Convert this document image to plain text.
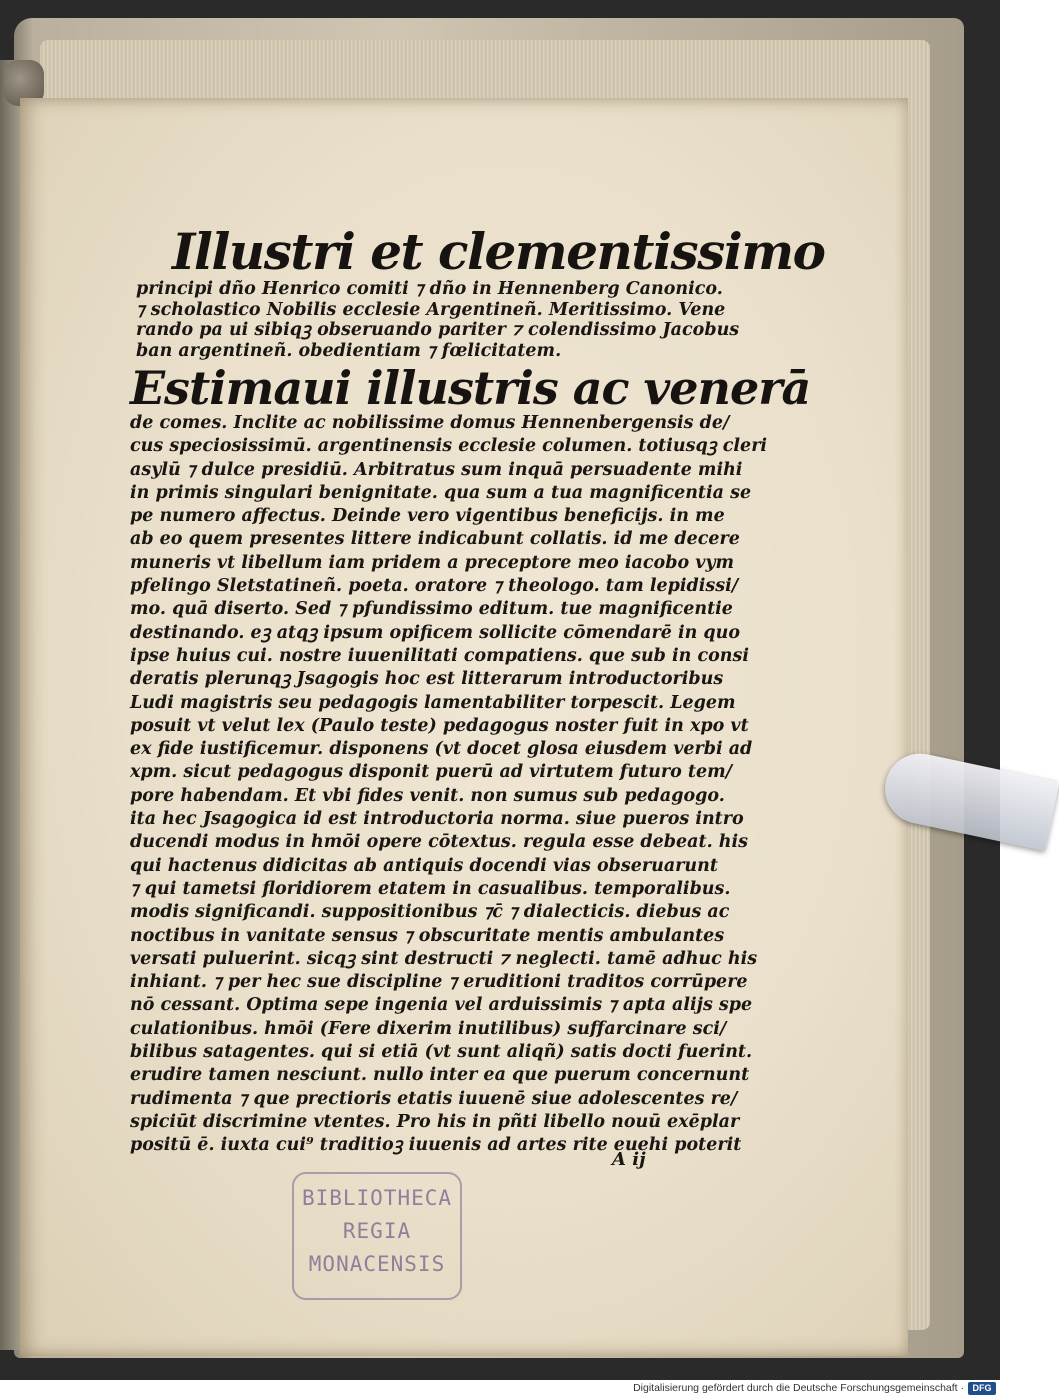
Illustri et clementissimo
principi dño Henrico comiti ⁊ dño in Hennenberg Canonico.
⁊ scholastico Nobilis ecclesie Argentineñ. Meritissimo. Vene
rando pa ui sibiqꝫ obseruando pariter ⁊ colendissimo Jacobus
ban argentineñ. obedientiam ⁊ fœlicitatem.
Estimaui illustris ac venerā
de comes. Inclite ac nobilissime domus Hennenbergensis de/
cus speciosissimū. argentinensis ecclesie columen. totiusqꝫ cleri
asylū ⁊ dulce presidiū. Arbitratus sum inquā persuadente mihi
in primis singulari benignitate. qua sum a tua magnificentia se
pe numero affectus. Deinde vero vigentibus beneficijs. in me
ab eo quem presentes littere indicabunt collatis. id me decere
muneris vt libellum iam pridem a preceptore meo iacobo vym
pfelingo Sletstatineñ. poeta. oratore ⁊ theologo. tam lepidissi/
mo. quā diserto. Sed ⁊ pfundissimo editum. tue magnificentie
destinando. eꝫ atqꝫ ipsum opificem sollicite cōmendarē in quo
ipse huius cui. nostre iuuenilitati compatiens. que sub in consi
deratis plerunqꝫ Jsagogis hoc est litterarum introductoribus
Ludi magistris seu pedagogis lamentabiliter torpescit. Legem
posuit vt velut lex (Paulo teste) pedagogus noster fuit in xpo vt
ex fide iustificemur. disponens (vt docet glosa eiusdem verbi ad
xpm. sicut pedagogus disponit puerū ad virtutem futuro tem/
pore habendam. Et vbi fides venit. non sumus sub pedagogo.
ita hec Jsagogica id est introductoria norma. siue pueros intro
ducendi modus in hmōi opere cōtextus. regula esse debeat. his
qui hactenus didicitas ab antiquis docendi vias obseruarunt
⁊ qui tametsi floridiorem etatem in casualibus. temporalibus.
modis significandi. suppositionibus ⁊c̄ ⁊ dialecticis. diebus ac
noctibus in vanitate sensus ⁊ obscuritate mentis ambulantes
versati puluerint. sicqꝫ sint destructi ⁊ neglecti. tamē adhuc his
inhiant. ⁊ per hec sue discipline ⁊ eruditioni traditos corrūpere
nō cessant. Optima sepe ingenia vel arduissimis ⁊ apta alijs spe
culationibus. hmōi (Fere dixerim inutilibus) suffarcinare sci/
bilibus satagentes. qui si etiā (vt sunt aliqñ) satis docti fuerint.
erudire tamen nesciunt. nullo inter ea que puerum concernunt
rudimenta ⁊ que prectioris etatis iuuenē siue adolescentes re/
spiciūt discrimine vtentes. Pro his in pñti libello nouū exēplar
positū ē. iuxta cui⁹ traditioꝫ iuuenis ad artes rite euehi poterit
A ij
BIBLIOTHECA
REGIA
MONACENSIS
Digitalisierung gefördert durch die Deutsche Forschungsgemeinschaft · DFG
